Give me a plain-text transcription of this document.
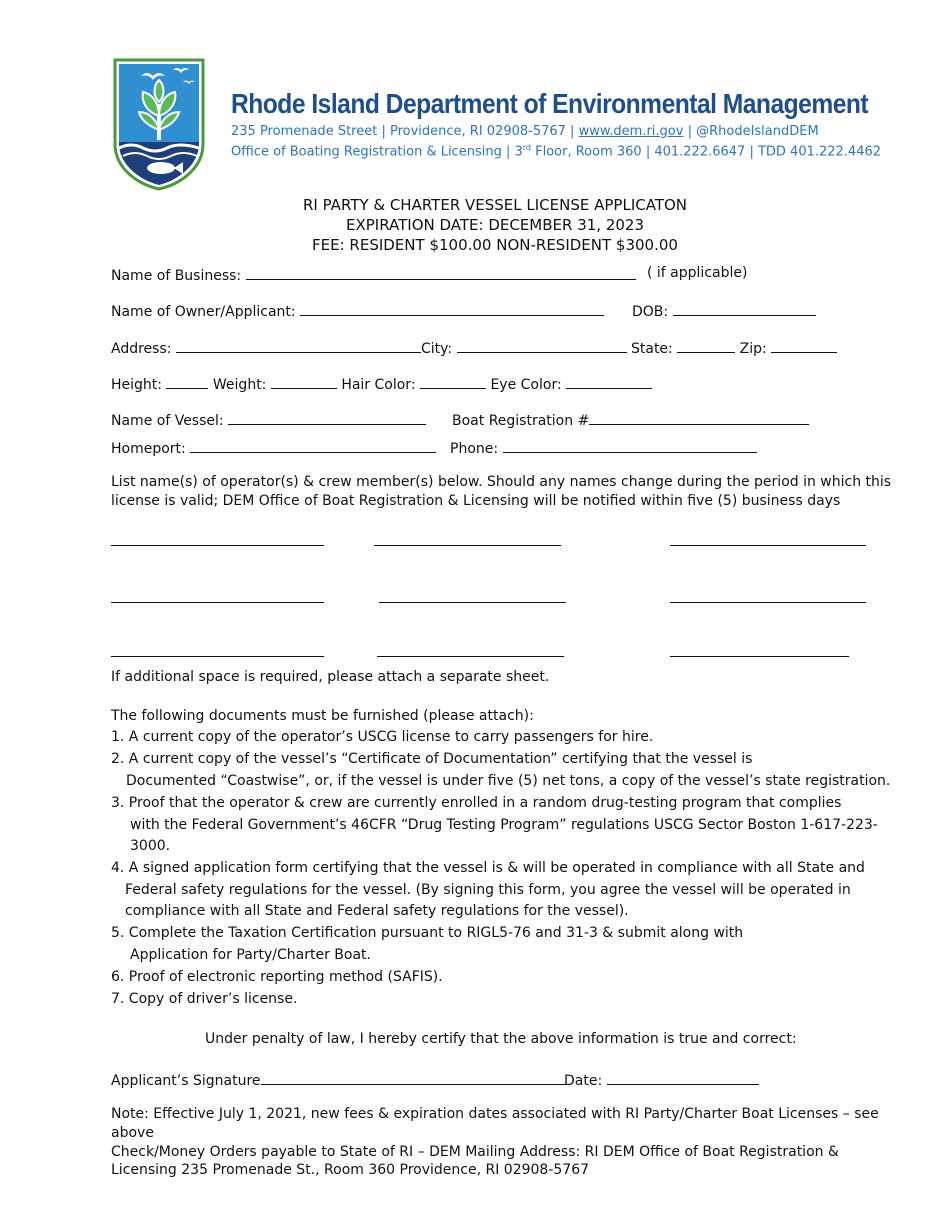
Rhode Island Department of Environmental Management
235 Promenade Street | Providence, RI 02908-5767 | www.dem.ri.gov | @RhodeIslandDEM
Office of Boating Registration & Licensing | 3rd Floor, Room 360 | 401.222.6647 | TDD 401.222.4462
RI PARTY & CHARTER VESSEL LICENSE APPLICATON
EXPIRATION DATE: DECEMBER 31, 2023
FEE: RESIDENT $100.00 NON-RESIDENT $300.00
Name of Business:	( if applicable)
Name of Owner/Applicant:	DOB:
Address:	City:	State:	Zip:
Height:	Weight:	Hair Color:	Eye Color:
Name of Vessel:	Boat Registration #
Homeport:	Phone:
List name(s) of operator(s) & crew member(s) below. Should any names change during the period in which this license is valid; DEM Office of Boat Registration & Licensing will be notified within five (5) business days
If additional space is required, please attach a separate sheet.
The following documents must be furnished (please attach):
1. A current copy of the operator’s USCG license to carry passengers for hire.
2. A current copy of the vessel’s “Certificate of Documentation” certifying that the vessel is
Documented “Coastwise”, or, if the vessel is under five (5) net tons, a copy of the vessel’s state registration.
3. Proof that the operator & crew are currently enrolled in a random drug-testing program that complies
with the Federal Government’s 46CFR “Drug Testing Program” regulations USCG Sector Boston 1-617-223-
3000.
4. A signed application form certifying that the vessel is & will be operated in compliance with all State and
Federal safety regulations for the vessel. (By signing this form, you agree the vessel will be operated in
compliance with all State and Federal safety regulations for the vessel).
5. Complete the Taxation Certification pursuant to RIGL5-76 and 31-3 & submit along with
Application for Party/Charter Boat.
6. Proof of electronic reporting method (SAFIS).
7. Copy of driver’s license.
Under penalty of law, I hereby certify that the above information is true and correct:
Applicant’s Signature	Date:
Note: Effective July 1, 2021, new fees & expiration dates associated with RI Party/Charter Boat Licenses – see
above
Check/Money Orders payable to State of RI – DEM Mailing Address: RI DEM Office of Boat Registration &
Licensing 235 Promenade St., Room 360 Providence, RI 02908-5767
